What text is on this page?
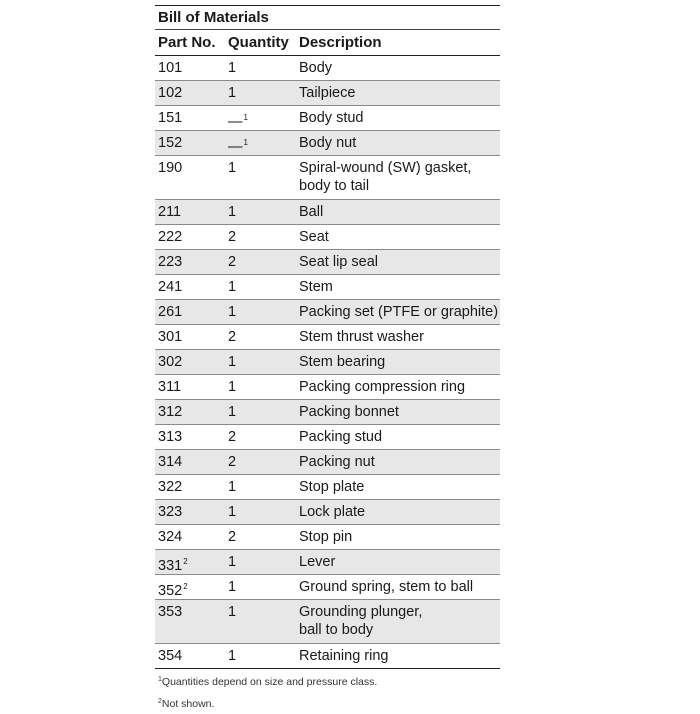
Bill of Materials
Part No. Quantity Description
101	1	Body
102	1	Tailpiece
151	—$^1$	Body stud
152	—$^1$	Body nut
190	1	Spiral-wound (SW) gasket,
body to tail
211	1	Ball
222	2	Seat
223	2	Seat lip seal
241	1	Stem
261	1	Packing set (PTFE or graphite)
301	2	Stem thrust washer
302	1	Stem bearing
311	1	Packing compression ring
312	1	Packing bonnet
313	2	Packing stud
314	2	Packing nut
322	1	Stop plate
323	1	Lock plate
324	2	Stop pin
$331^2$	1	Lever
$352^2$	1	Ground spring, stem to ball
353	1	Grounding plunger,
ball to body
354	1	Retaining ring
$^1$Quantities depend on size and pressure class.
$^2$Not shown.
